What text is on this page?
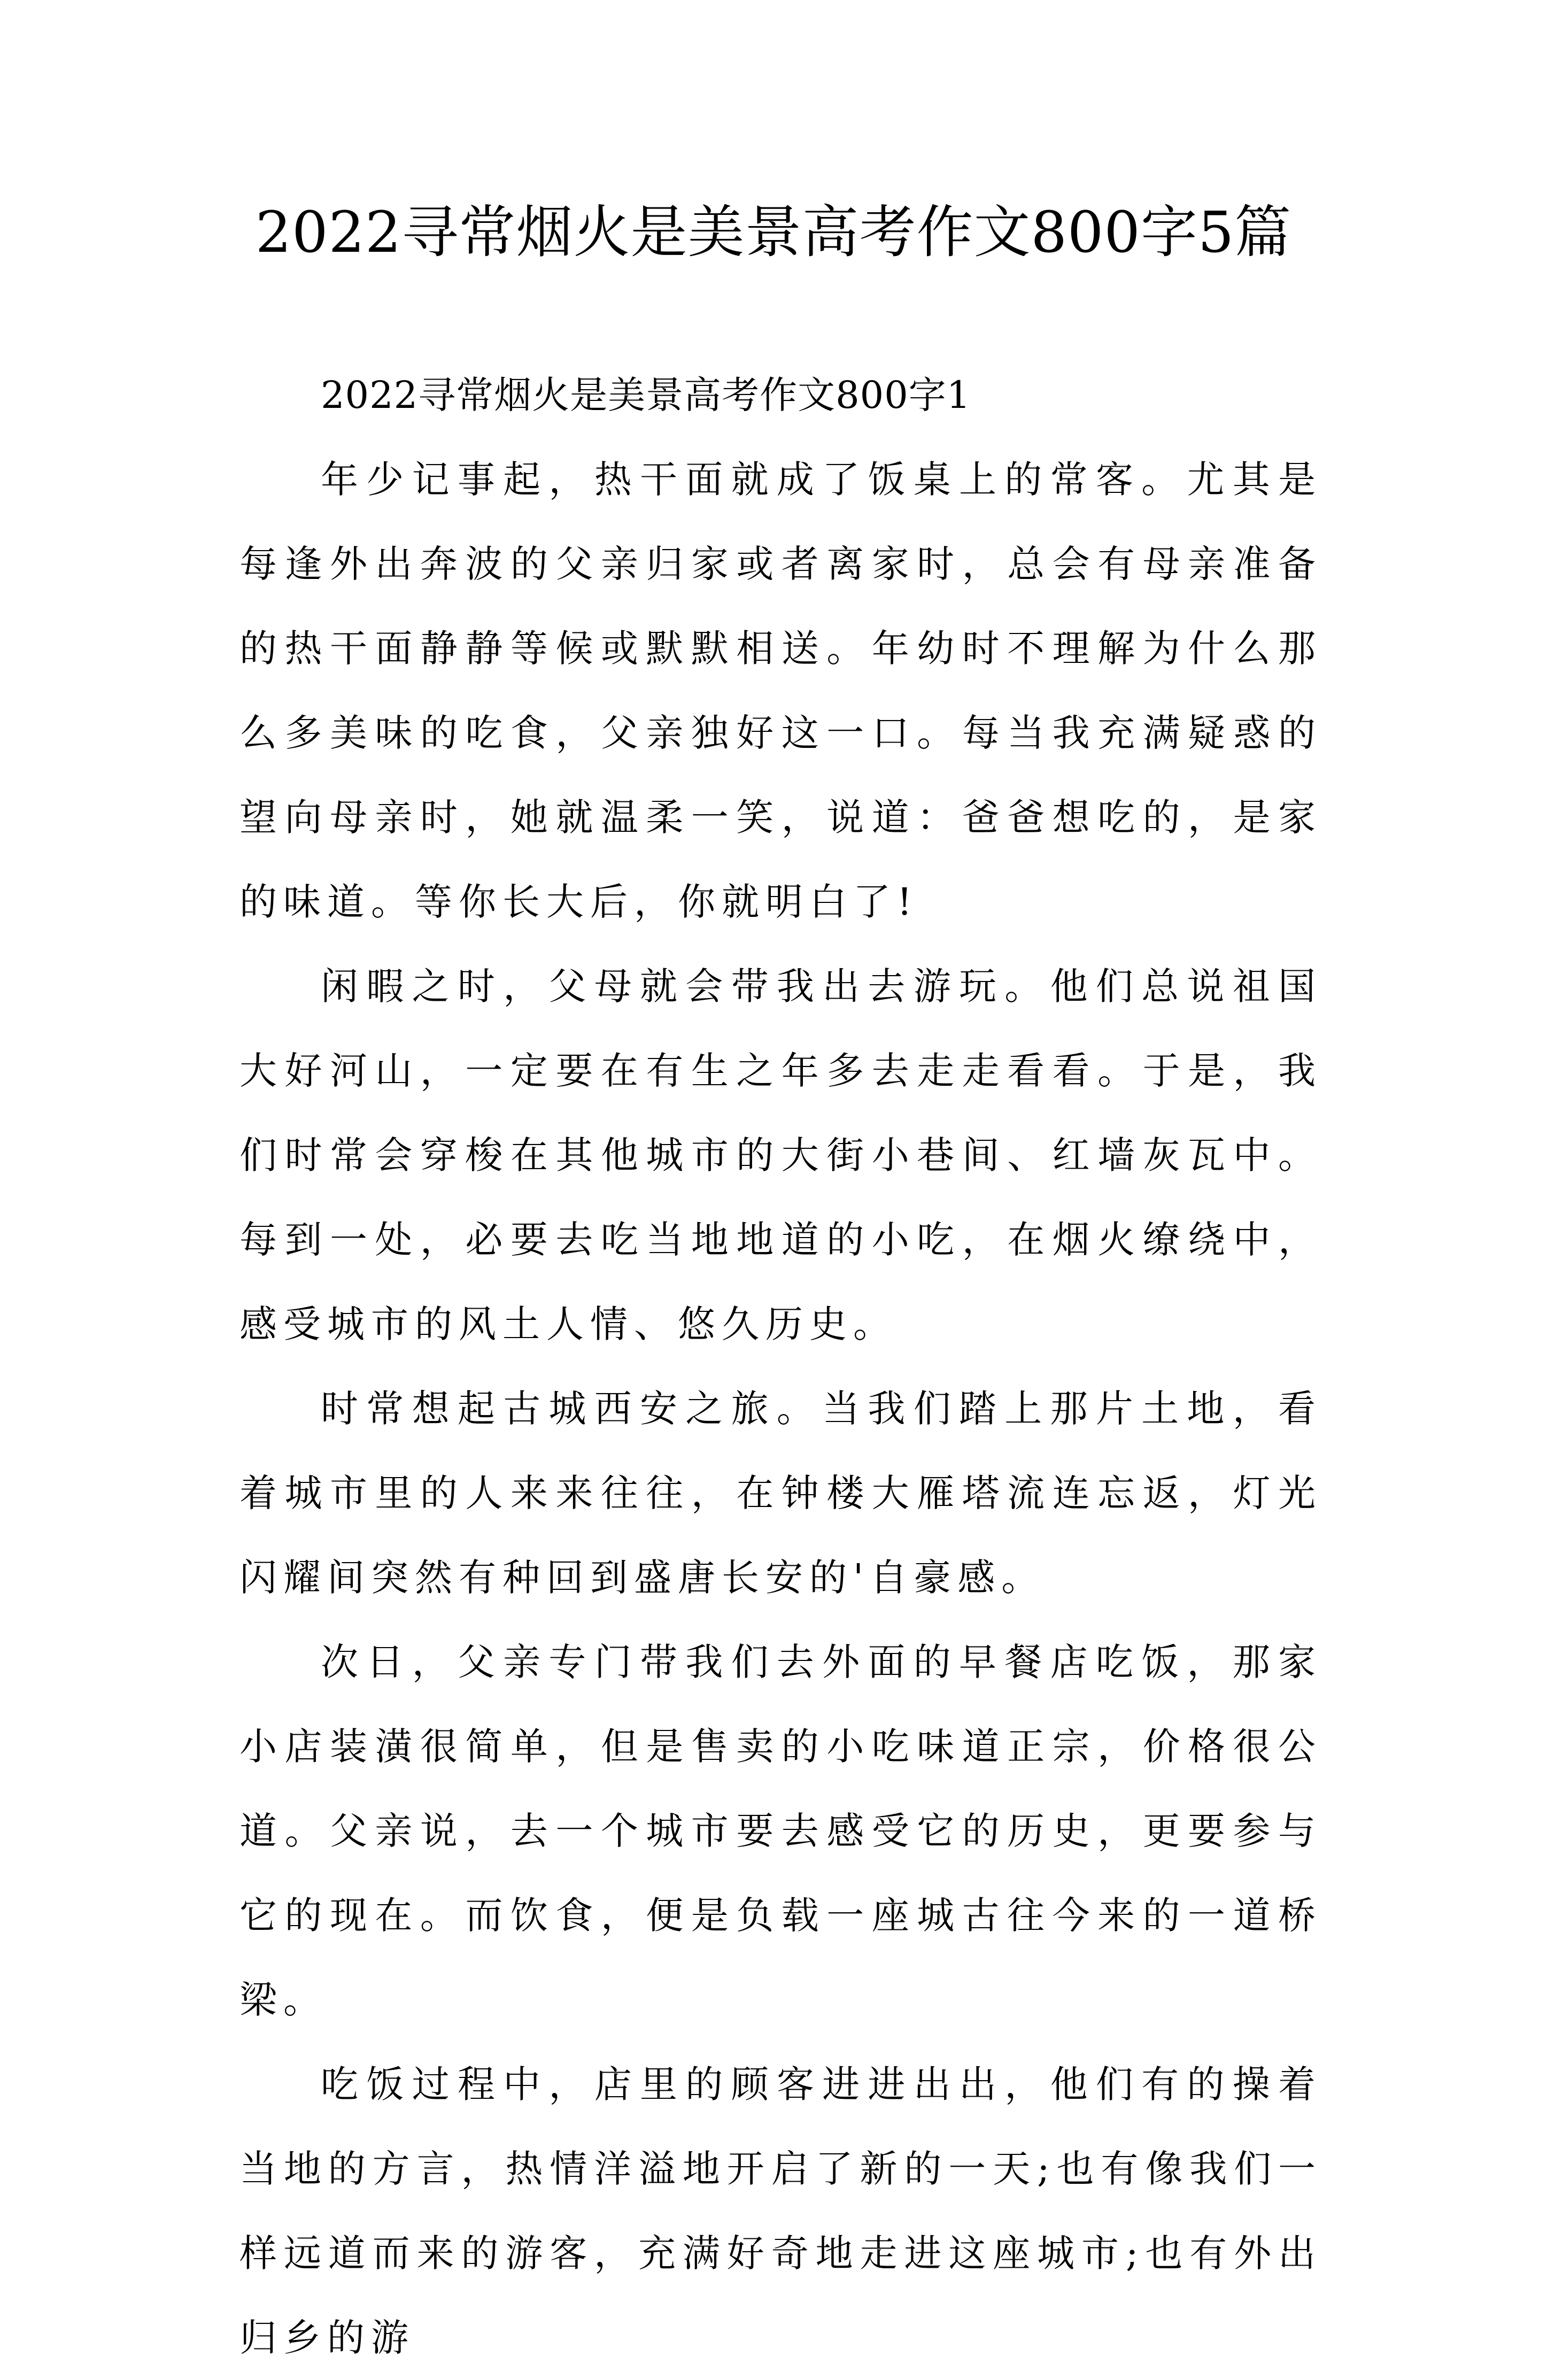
2022寻常烟火是美景高考作文800字5篇

2022寻常烟火是美景高考作文800字1

年少记事起，热干面就成了饭桌上的常客。尤其是每逢外出奔波的父亲归家或者离家时，总会有母亲准备的热干面静静等候或默默相送。年幼时不理解为什么那么多美味的吃食，父亲独好这一口。每当我充满疑惑的望向母亲时，她就温柔一笑，说道：爸爸想吃的，是家的味道。等你长大后，你就明白了!

闲暇之时，父母就会带我出去游玩。他们总说祖国大好河山，一定要在有生之年多去走走看看。于是，我们时常会穿梭在其他城市的大街小巷间、红墙灰瓦中。每到一处，必要去吃当地地道的小吃，在烟火缭绕中，感受城市的风土人情、悠久历史。

时常想起古城西安之旅。当我们踏上那片土地，看着城市里的人来来往往，在钟楼大雁塔流连忘返，灯光闪耀间突然有种回到盛唐长安的'自豪感。

次日，父亲专门带我们去外面的早餐店吃饭，那家小店装潢很简单，但是售卖的小吃味道正宗，价格很公道。父亲说，去一个城市要去感受它的历史，更要参与它的现在。而饮食，便是负载一座城古往今来的一道桥梁。

吃饭过程中，店里的顾客进进出出，他们有的操着当地的方言，热情洋溢地开启了新的一天;也有像我们一样远道而来的游客，充满好奇地走进这座城市;也有外出归乡的游
